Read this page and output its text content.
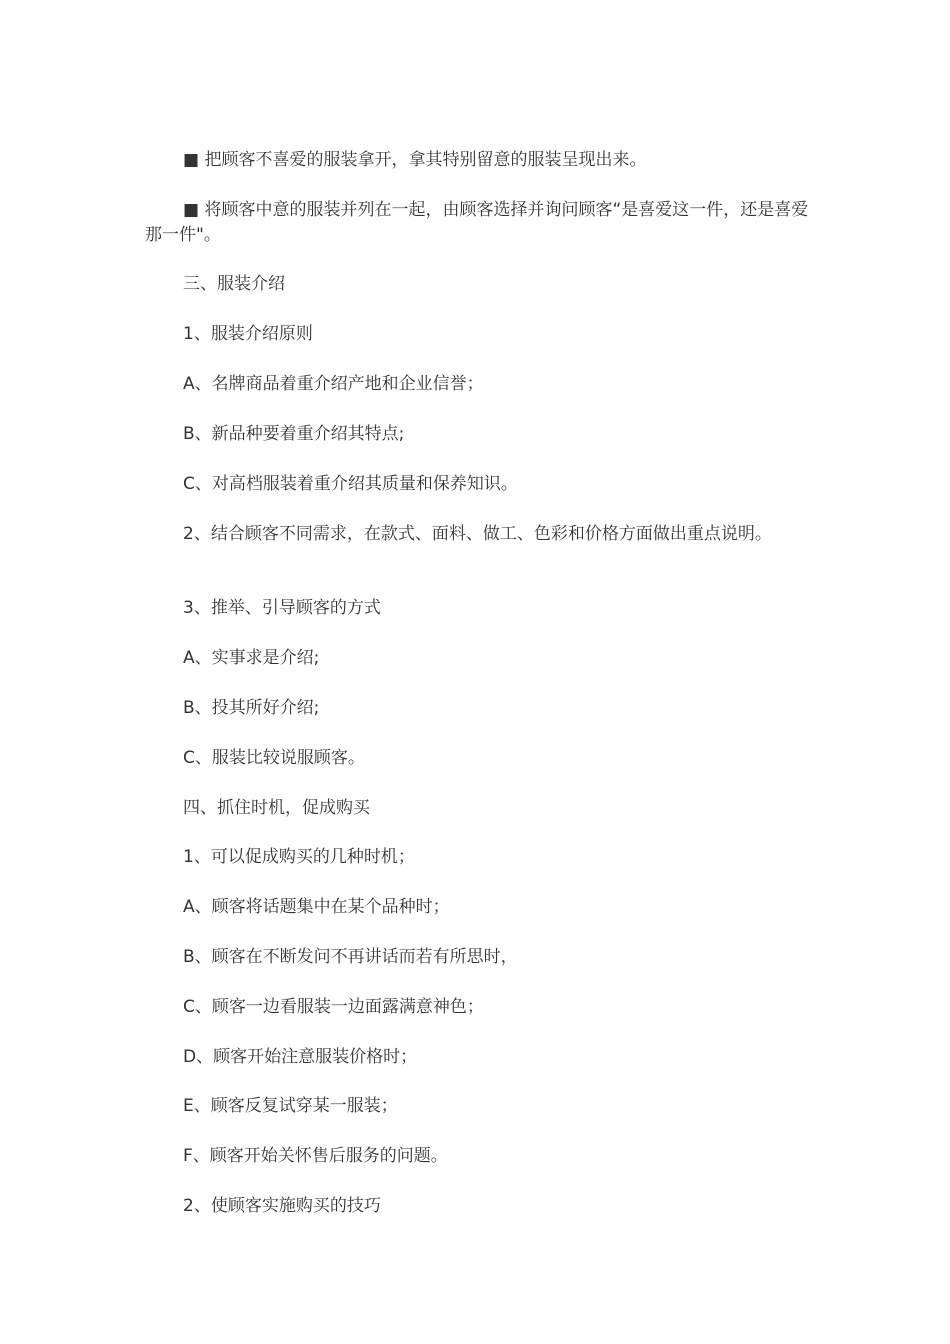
■ 把顾客不喜爱的服装拿开，拿其特别留意的服装呈现出来。

■ 将顾客中意的服装并列在一起，由顾客选择并询问顾客“是喜爱这一件，还是喜爱那一件"。

三、服装介绍

1、服装介绍原则

A、名牌商品着重介绍产地和企业信誉；

B、新品种要着重介绍其特点;

C、对高档服装着重介绍其质量和保养知识。

2、结合顾客不同需求，在款式、面料、做工、色彩和价格方面做出重点说明。

3、推举、引导顾客的方式

A、实事求是介绍;

B、投其所好介绍;

C、服装比较说服顾客。

四、抓住时机，促成购买

1、可以促成购买的几种时机；

A、顾客将话题集中在某个品种时；

B、顾客在不断发问不再讲话而若有所思时，

C、顾客一边看服装一边面露满意神色；

D、顾客开始注意服装价格时；

E、顾客反复试穿某一服装；

F、顾客开始关怀售后服务的问题。

2、使顾客实施购买的技巧
